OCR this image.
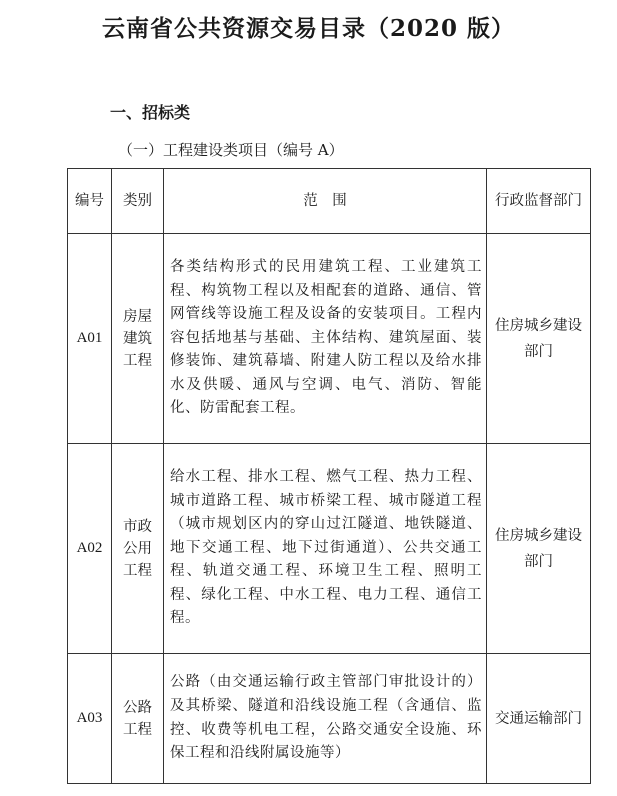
云南省公共资源交易目录（2020 版）
一、招标类
（一）工程建设类项目（编号 A）
编号	类别	范　围	行政监督部门
A01	房屋建筑工程	各类结构形式的民用建筑工程、工业建筑工程、构筑物工程以及相配套的道路、通信、管网管线等设施工程及设备的安装项目。工程内容包括地基与基础、主体结构、建筑屋面、装修装饰、建筑幕墙、附建人防工程以及给水排水及供暖、通风与空调、电气、消防、智能化、防雷配套工程。	住房城乡建设部门
A02	市政公用工程	给水工程、排水工程、燃气工程、热力工程、城市道路工程、城市桥梁工程、城市隧道工程（城市规划区内的穿山过江隧道、地铁隧道、地下交通工程、地下过街通道）、公共交通工程、轨道交通工程、环境卫生工程、照明工程、绿化工程、中水工程、电力工程、通信工程。	住房城乡建设部门
A03	公路工程	公路（由交通运输行政主管部门审批设计的）及其桥梁、隧道和沿线设施工程（含通信、监控、收费等机电工程，公路交通安全设施、环保工程和沿线附属设施等）	交通运输部门
